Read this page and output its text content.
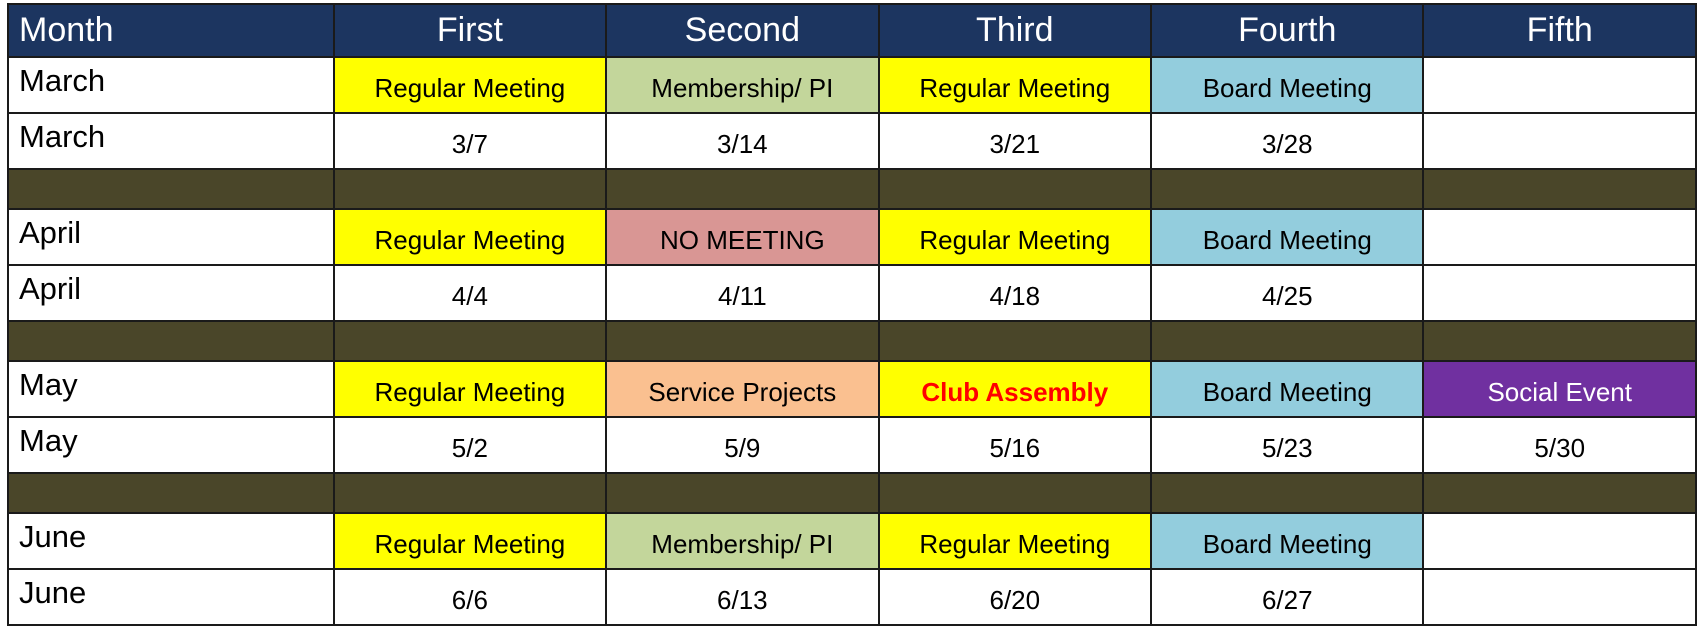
Month	First	Second	Third	Fourth	Fifth
March	Regular Meeting	Membership/ PI	Regular Meeting	Board Meeting	
March	3/7	3/14	3/21	3/28	

April	Regular Meeting	NO MEETING	Regular Meeting	Board Meeting	
April	4/4	4/11	4/18	4/25	

May	Regular Meeting	Service Projects	Club Assembly	Board Meeting	Social Event
May	5/2	5/9	5/16	5/23	5/30

June	Regular Meeting	Membership/ PI	Regular Meeting	Board Meeting	
June	6/6	6/13	6/20	6/27	
